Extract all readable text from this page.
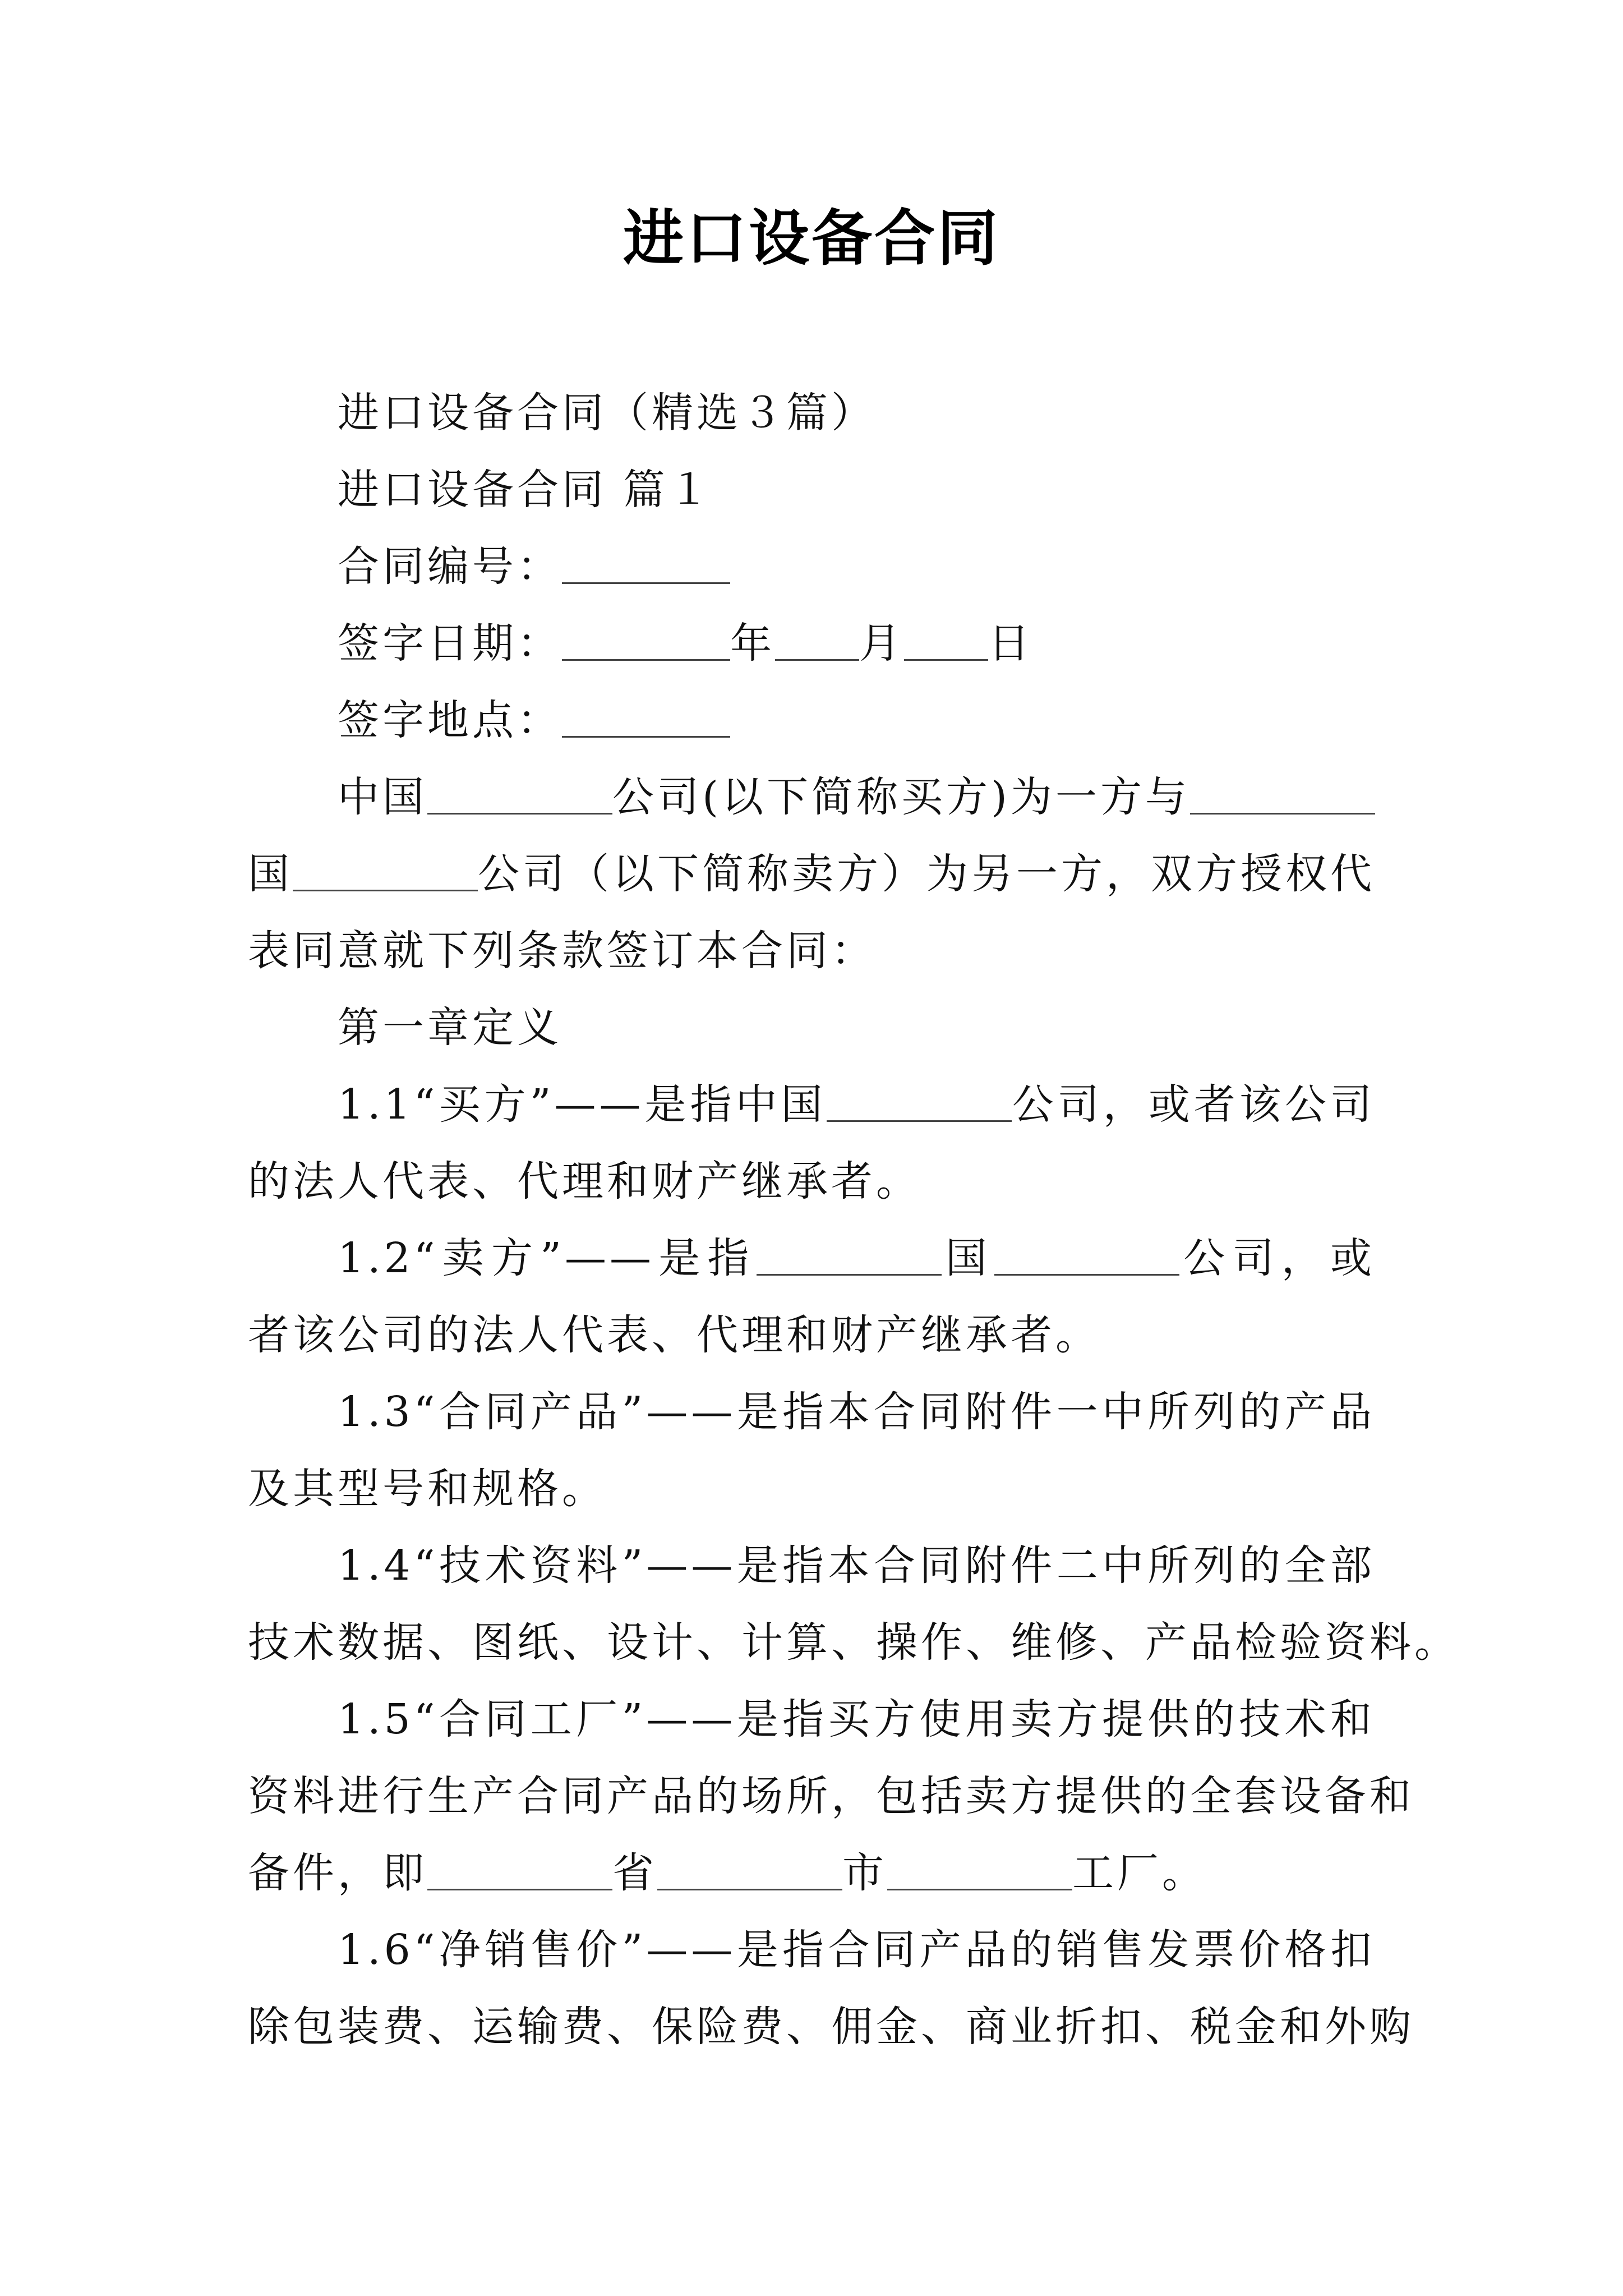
进口设备合同
进口设备合同（精选３篇）
进口设备合同 篇１
合同编号：
签字日期：	年 月 日
签字地点：
中国	公司(以下简称买方)为一方与
国	公司（以下简称卖方）为另一方，双方授权代
表同意就下列条款签订本合同：
第一章定义
1.1“买方”——是指中国	公司，或者该公司
的法人代表、代理和财产继承者。
1.2“卖方”——是指	国	公司，或
者该公司的法人代表、代理和财产继承者。
1.3“合同产品”——是指本合同附件一中所列的产品
及其型号和规格。
1.4“技术资料”——是指本合同附件二中所列的全部
技术数据、图纸、设计、计算、操作、维修、产品检验资料。
1.5“合同工厂”——是指买方使用卖方提供的技术和
资料进行生产合同产品的场所，包括卖方提供的全套设备和
备件，即	省	市	工厂。
1.6“净销售价”——是指合同产品的销售发票价格扣
除包装费、运输费、保险费、佣金、商业折扣、税金和外购
